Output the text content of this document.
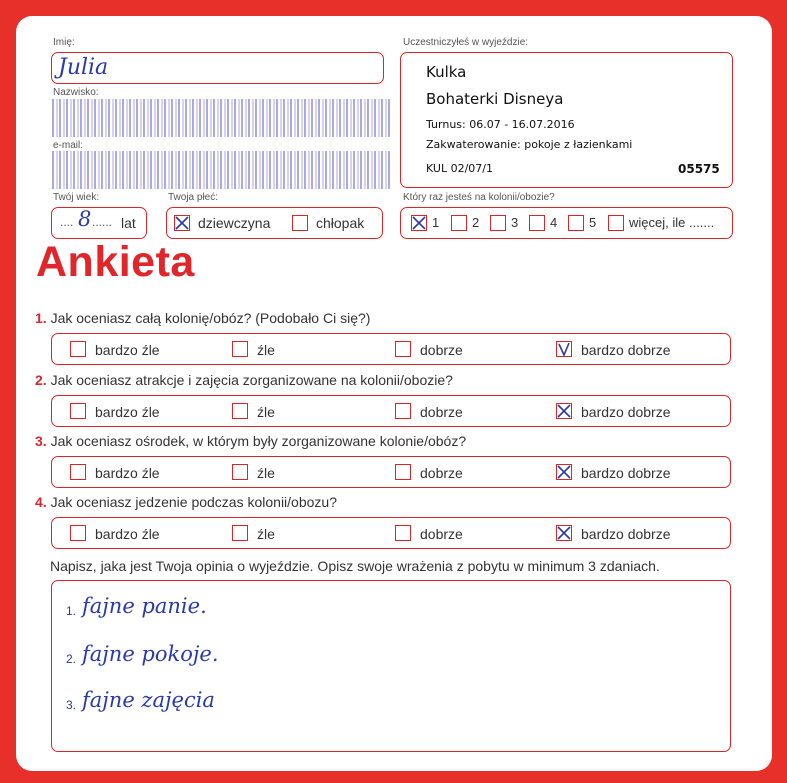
Imię:
Julia
Nazwisko:
e-mail:
Uczestniczyłeś w wyjeździe:
Kulka
Bohaterki Disneya
Turnus: 06.07 - 16.07.2016
Zakwaterowanie: pokoje z łazienkami
KUL 02/07/1	05575
Twój wiek:
.... 8 ...... lat
Twoja płeć:	Który raz jesteś na kolonii/obozie?
Ankieta
Napisz, jaka jest Twoja opinia o wyjeździe. Opisz swoje wrażenia z pobytu w minimum 3 zdaniach.
dziewczyna	chłopak	1	2 3 4 5	więcej, ile .......
1. Jak oceniasz całą kolonię/obóz? (Podobało Ci się?)
bardzo źle	źle	dobrze	bardzo dobrze
2. Jak oceniasz atrakcje i zajęcia zorganizowane na kolonii/obozie?
bardzo źle	źle	dobrze	bardzo dobrze
3. Jak oceniasz ośrodek, w którym były zorganizowane kolonie/obóz?
bardzo źle	źle	dobrze	bardzo dobrze
4. Jak oceniasz jedzenie podczas kolonii/obozu?
bardzo źle	źle	dobrze	bardzo dobrze
1. fajne panie.
2. fajne pokoje.
3. fajne zajęcia
